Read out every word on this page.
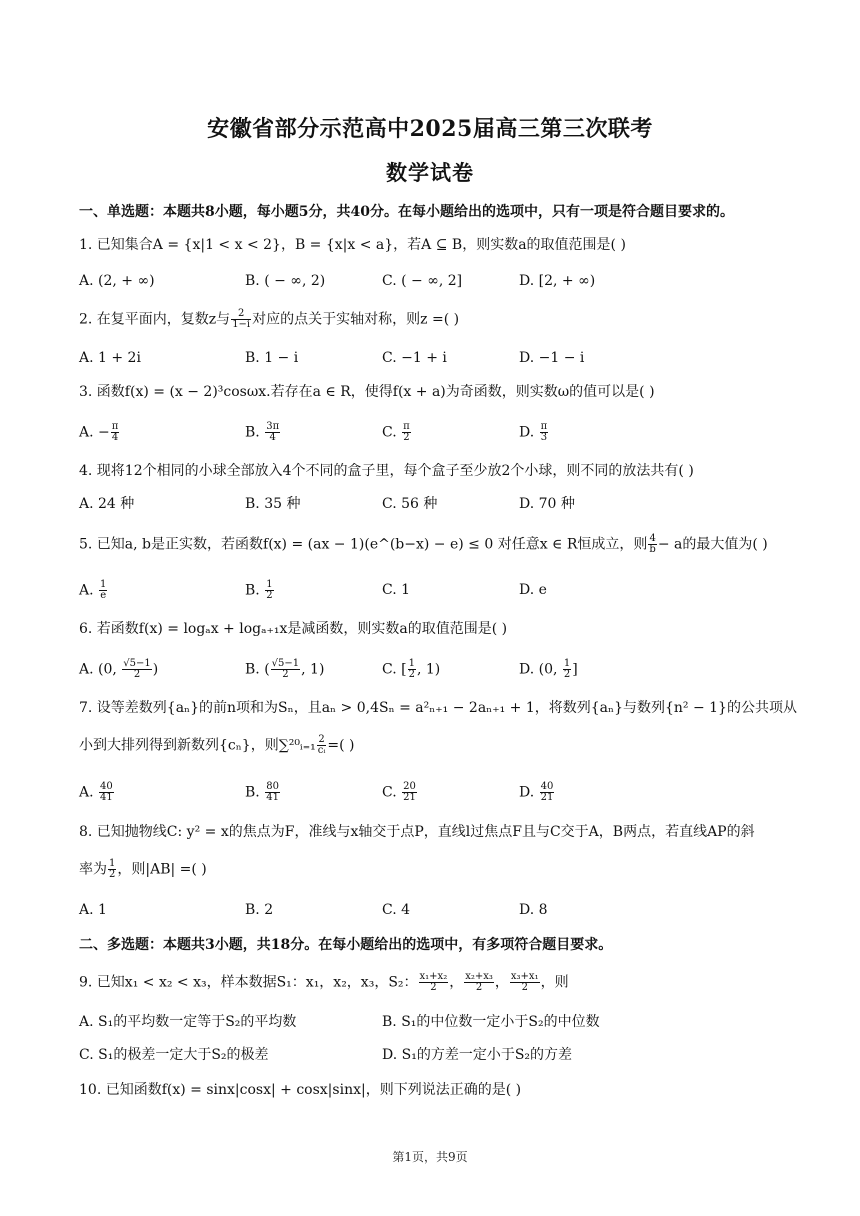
安徽省部分示范高中2025届高三第三次联考
数学试卷
一、单选题：本题共8小题，每小题5分，共40分。在每小题给出的选项中，只有一项是符合题目要求的。
1. 已知集合A = {x|1 < x < 2}，B = {x|x < a}，若A ⊆ B，则实数a的取值范围是( )
A. (2, + ∞)	B. ( − ∞, 2)	C. ( − ∞, 2]	D. [2, + ∞)
2. 在复平面内，复数z与 $\frac{2}{1-i}$ 对应的点关于实轴对称，则z =( )
A. 1 + 2i	B. 1 − i	C. −1 + i	D. −1 − i
3. 函数f(x) = (x − 2)³cosωx.若存在a ∈ R，使得f(x + a)为奇函数，则实数ω的值可以是( )
A. − $\frac{\pi}{4}$	B. $\frac{3\pi}{4}$	C. $\frac{\pi}{2}$	D. $\frac{\pi}{3}$
4. 现将12个相同的小球全部放入4个不同的盒子里，每个盒子至少放2个小球，则不同的放法共有( )
A. 24 种	B. 35 种	C. 56 种	D. 70 种
5. 已知a, b是正实数，若函数f(x) = (ax − 1)(e^(b−x) − e) ≤ 0 对任意x ∈ R恒成立，则 $\frac{4}{b} - a$的最大值为( )
A. $\frac{1}{e}$	B. $\frac{1}{2}$	C. 1	D. e
6. 若函数f(x) = logₐx + logₐ₊₁x是减函数，则实数a的取值范围是( )
A. (0, $\frac{√5-1}{2}$ )	B. ( $\frac{√5-1}{2}$ , 1)	C. [ $\frac{1}{2}$ , 1)	D. (0, $\frac{1}{2}$ ]
7. 设等差数列{aₙ}的前n项和为Sₙ，且aₙ > 0,4Sₙ = a²ₙ₊₁ − 2aₙ₊₁ + 1，将数列{aₙ}与数列{n² − 1}的公共项从
小到大排列得到新数列{cₙ}，则∑²⁰ᵢ₌₁ $\frac{2}{\text{cᵢ}}$ =( )
A. $\frac{40}{41}$	B. $\frac{80}{41}$	C. $\frac{20}{21}$	D. $\frac{40}{21}$
8. 已知抛物线C: y² = x的焦点为F，准线与x轴交于点P，直线l过焦点F且与C交于A，B两点，若直线AP的斜
率为 $\frac{1}{2}$ ，则|AB| =( )
A. 1	B. 2	C. 4	D. 8
二、多选题：本题共3小题，共18分。在每小题给出的选项中，有多项符合题目要求。
9. 已知x₁ < x₂ < x₃，样本数据S₁：x₁，x₂，x₃，S₂： $\frac{\text{x₁+x₂}}{2}$ ， $\frac{\text{x₂+x₃}}{2}$ ， $\frac{\text{x₃+x₁}}{2}$ ，则
A. S₁的平均数一定等于S₂的平均数	B. S₁的中位数一定小于S₂的中位数
C. S₁的极差一定大于S₂的极差	D. S₁的方差一定小于S₂的方差
10. 已知函数f(x) = sinx|cosx| + cosx|sinx|，则下列说法正确的是( )
第1页，共9页
